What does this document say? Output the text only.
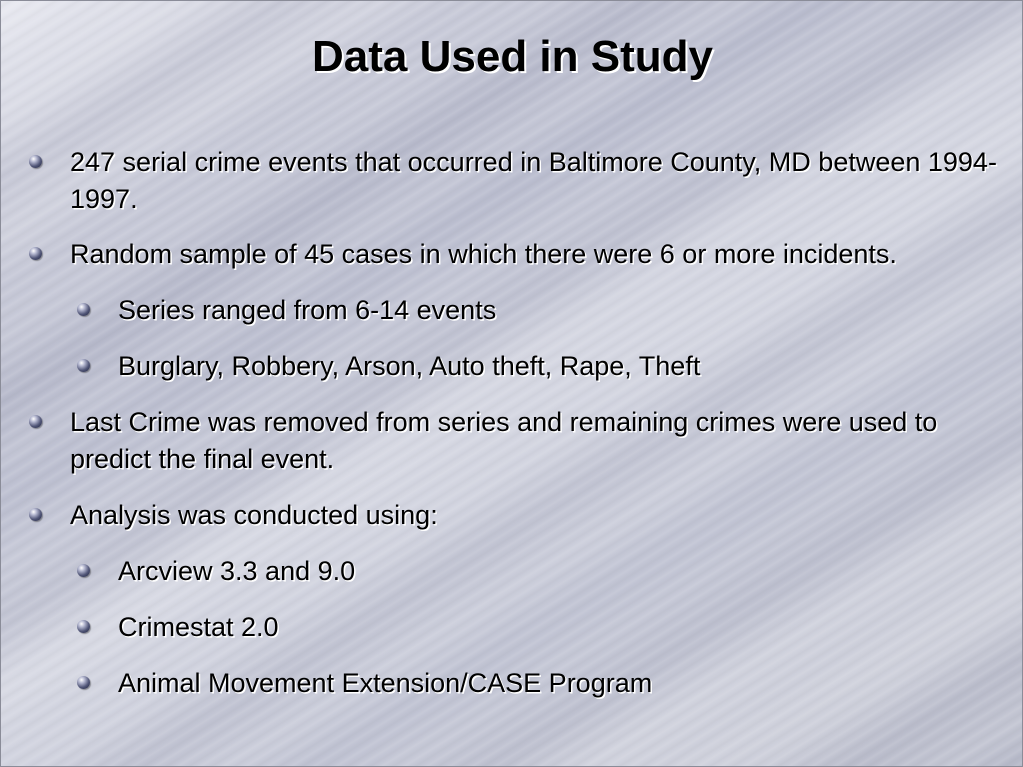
Data Used in Study
247 serial crime events that occurred in Baltimore County, MD between 1994-1997.
Random sample of 45 cases in which there were 6 or more incidents.
Series ranged from 6-14 events
Burglary, Robbery, Arson, Auto theft, Rape, Theft
Last Crime was removed from series and remaining crimes were used to predict the final event.
Analysis was conducted using:
Arcview 3.3 and 9.0
Crimestat 2.0
Animal Movement Extension/CASE Program
